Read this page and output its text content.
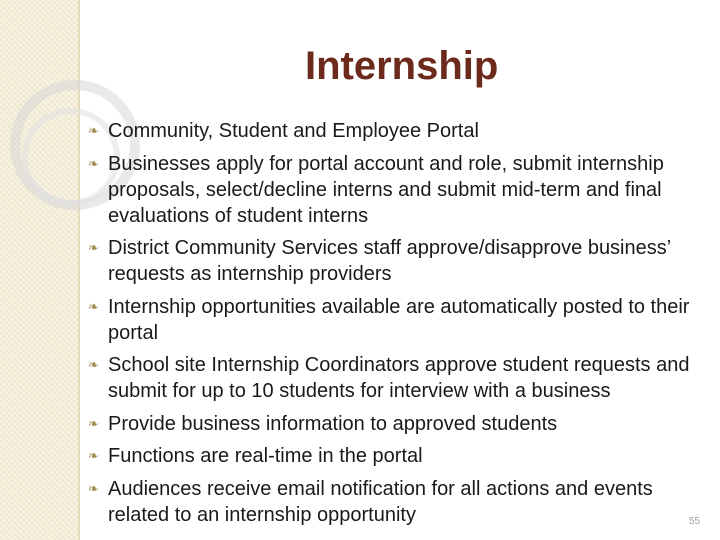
Internship
❧ Community, Student and Employee Portal
❧ Businesses apply for portal account and role, submit internship proposals, select/decline interns and submit mid-term and final evaluations of student interns
❧ District Community Services staff approve/disapprove business’ requests as internship providers
❧ Internship opportunities available are automatically posted to their portal
❧ School site Internship Coordinators approve student requests and submit for up to 10 students for interview with a business
❧ Provide business information to approved students
❧ Functions are real-time in the portal
❧ Audiences receive email notification for all actions and events related to an internship opportunity	55
